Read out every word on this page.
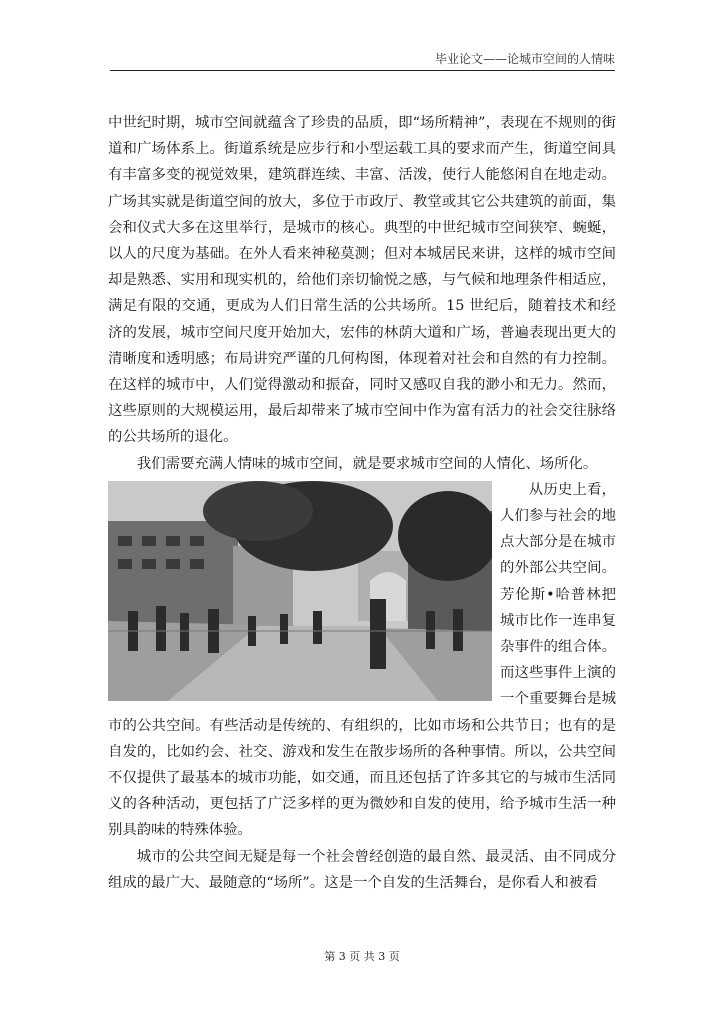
毕业论文——论城市空间的人情味

中世纪时期，城市空间就蕴含了珍贵的品质，即“场所精神”，表现在不规则的街道和广场体系上。街道系统是应步行和小型运载工具的要求而产生，街道空间具有丰富多变的视觉效果，建筑群连续、丰富、活泼，使行人能悠闲自在地走动。广场其实就是街道空间的放大，多位于市政厅、教堂或其它公共建筑的前面，集会和仪式大多在这里举行，是城市的核心。典型的中世纪城市空间狭窄、蜿蜒，以人的尺度为基础。在外人看来神秘莫测；但对本城居民来讲，这样的城市空间却是熟悉、实用和现实机的，给他们亲切愉悦之感，与气候和地理条件相适应，满足有限的交通，更成为人们日常生活的公共场所。15 世纪后，随着技术和经济的发展，城市空间尺度开始加大，宏伟的林荫大道和广场，普遍表现出更大的清晰度和透明感；布局讲究严谨的几何构图，体现着对社会和自然的有力控制。在这样的城市中，人们觉得激动和振奋，同时又感叹自我的渺小和无力。然而，这些原则的大规模运用，最后却带来了城市空间中作为富有活力的社会交往脉络的公共场所的退化。

我们需要充满人情味的城市空间，就是要求城市空间的人情化、场所化。

从历史上看，人们参与社会的地点大部分是在城市的外部公共空间。芳伦斯•哈普林把城市比作一连串复杂事件的组合体。而这些事件上演的一个重要舞台是城市的公共空间。有些活动是传统的、有组织的，比如市场和公共节日；也有的是自发的，比如约会、社交、游戏和发生在散步场所的各种事情。所以，公共空间不仅提供了最基本的城市功能，如交通，而且还包括了许多其它的与城市生活同义的各种活动，更包括了广泛多样的更为微妙和自发的使用，给予城市生活一种别具韵味的特殊体验。

城市的公共空间无疑是每一个社会曾经创造的最自然、最灵活、由不同成分组成的最广大、最随意的“场所”。这是一个自发的生活舞台，是你看人和被看

第 3 页 共 3 页
